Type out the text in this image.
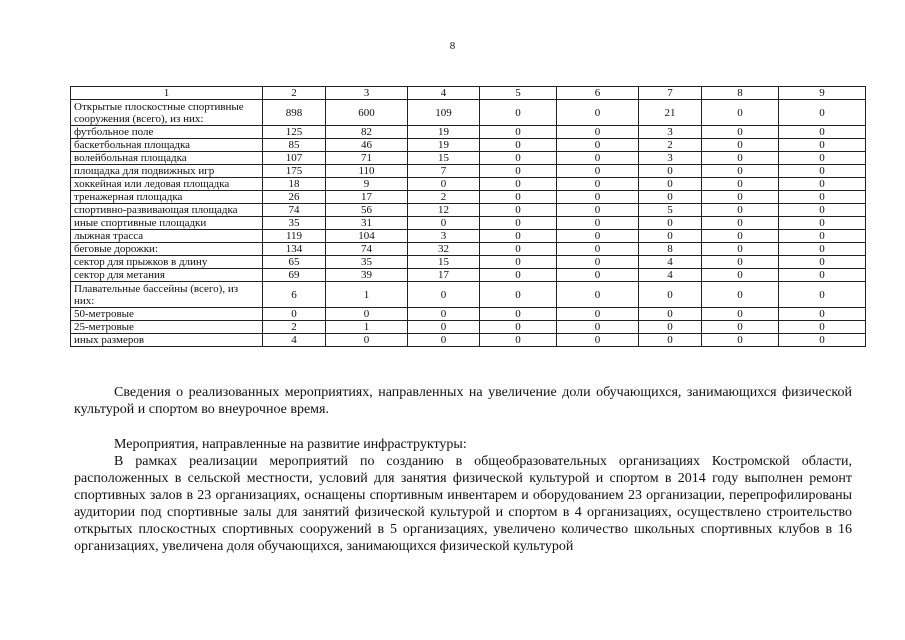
8
1	2	3	4	5	6	7	8	9
Открытые плоскостные спортивные сооружения (всего), из них:	898	600	109	0	0	21	0	0
футбольное поле	125	82	19	0	0	3	0	0
баскетбольная площадка	85	46	19	0	0	2	0	0
волейбольная площадка	107	71	15	0	0	3	0	0
площадка для подвижных игр	175	110	7	0	0	0	0	0
хоккейная или ледовая площадка	18	9	0	0	0	0	0	0
тренажерная площадка	26	17	2	0	0	0	0	0
спортивно-развивающая площадка	74	56	12	0	0	5	0	0
иные спортивные площадки	35	31	0	0	0	0	0	0
лыжная трасса	119	104	3	0	0	0	0	0
беговые дорожки:	134	74	32	0	0	8	0	0
сектор для прыжков в длину	65	35	15	0	0	4	0	0
сектор для метания	69	39	17	0	0	4	0	0
Плавательные бассейны (всего), из них:	6	1	0	0	0	0	0	0
50-метровые	0	0	0	0	0	0	0	0
25-метровые	2	1	0	0	0	0	0	0
иных размеров	4	0	0	0	0	0	0	0

Сведения о реализованных мероприятиях, направленных на увеличение доли обучающихся, занимающихся физической культурой и спортом во внеурочное время.

Мероприятия, направленные на развитие инфраструктуры:

В рамках реализации мероприятий по созданию в общеобразовательных организациях Костромской области, расположенных в сельской местности, условий для занятия физической культурой и спортом в 2014 году выполнен ремонт спортивных залов в 23 организациях, оснащены спортивным инвентарем и оборудованием 23 организации, перепрофилированы аудитории под спортивные залы для занятий физической культурой и спортом в 4 организациях, осуществлено строительство открытых плоскостных спортивных сооружений в 5 организациях, увеличено количество школьных спортивных клубов в 16 организациях, увеличена доля обучающихся, занимающихся физической культурой
